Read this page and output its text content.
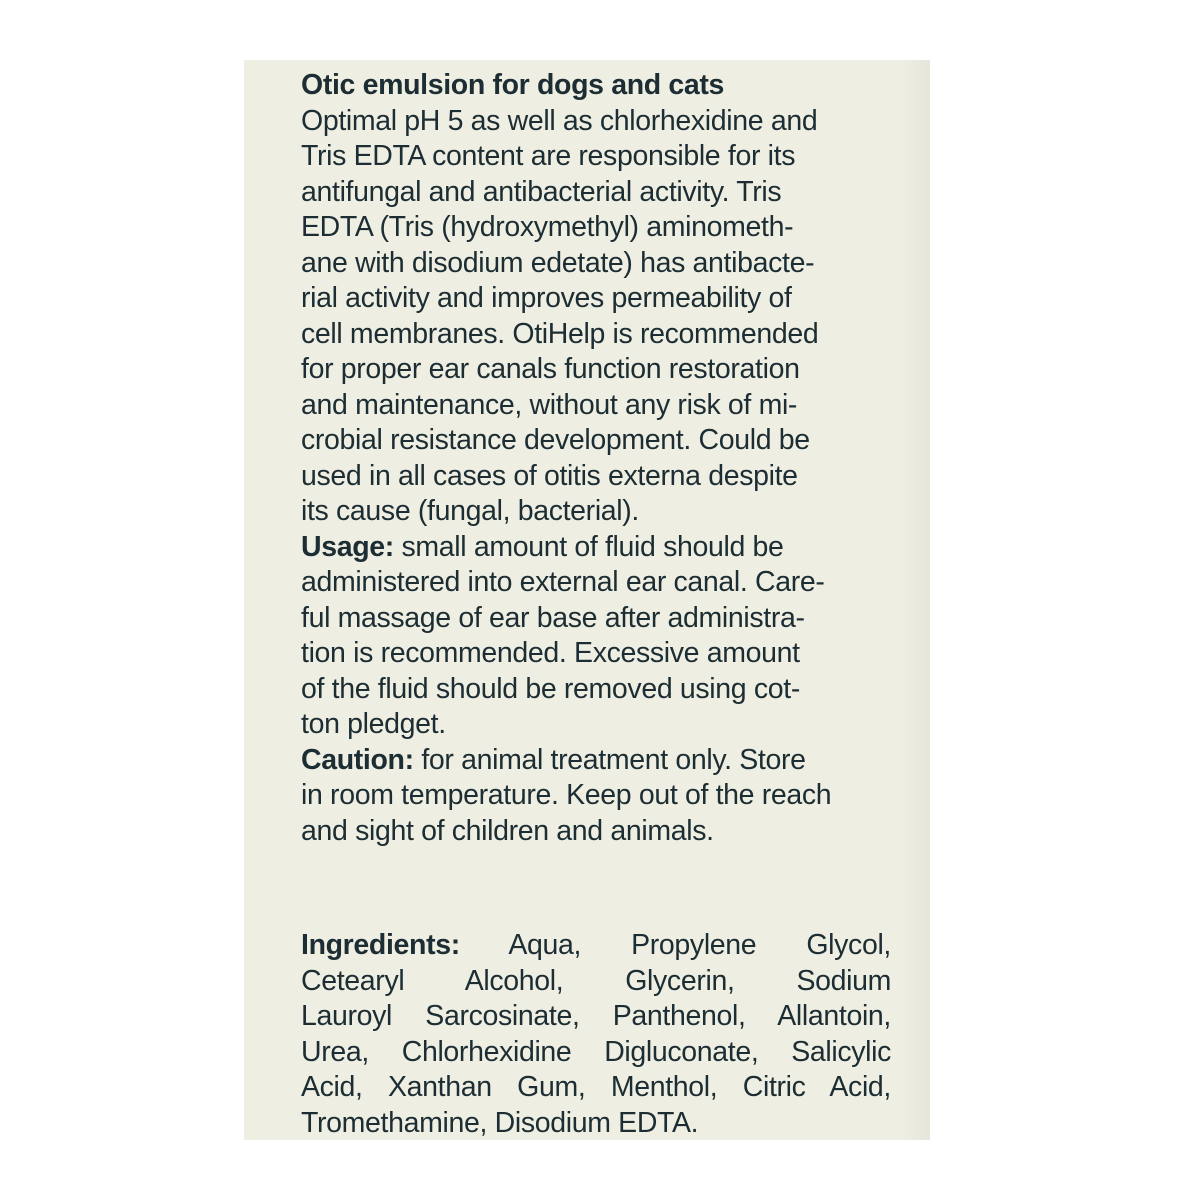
Otic emulsion for dogs and cats
Optimal pH 5 as well as chlorhexidine and
Tris EDTA content are responsible for its
antifungal and antibacterial activity. Tris
EDTA (Tris (hydroxymethyl) aminometh-
ane with disodium edetate) has antibacte-
rial activity and improves permeability of
cell membranes. OtiHelp is recommended
for proper ear canals function restoration
and maintenance, without any risk of mi-
crobial resistance development. Could be
used in all cases of otitis externa despite
its cause (fungal, bacterial).
Usage: small amount of fluid should be
administered into external ear canal. Care-
ful massage of ear base after administra-
tion is recommended. Excessive amount
of the fluid should be removed using cot-
ton pledget.
Caution: for animal treatment only. Store
in room temperature. Keep out of the reach
and sight of children and animals.
Ingredients: Aqua, Propylene Glycol,
Cetearyl Alcohol, Glycerin, Sodium
Lauroyl Sarcosinate, Panthenol, Allantoin,
Urea, Chlorhexidine Digluconate, Salicylic
Acid, Xanthan Gum, Menthol, Citric Acid,
Tromethamine, Disodium EDTA.
